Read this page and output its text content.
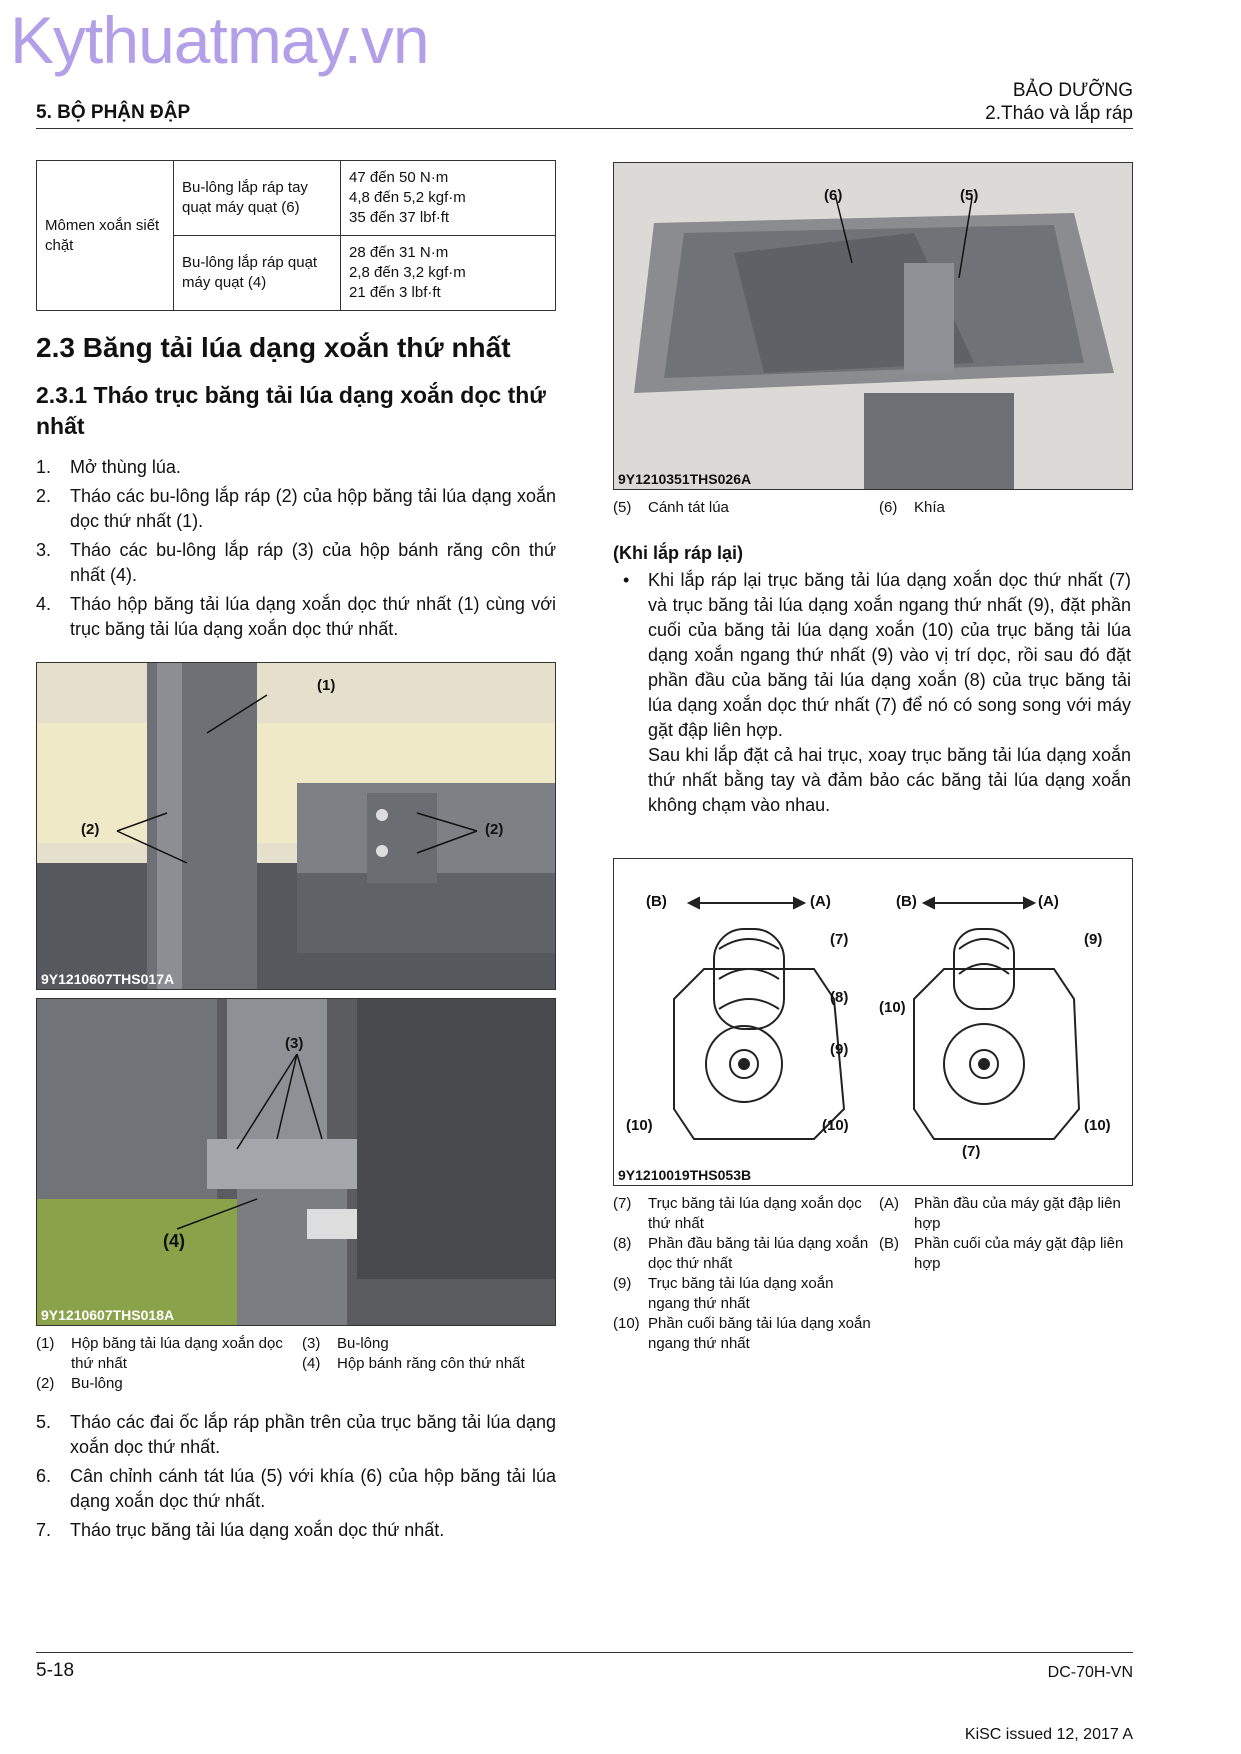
Kythuatmay.vn
5. BỘ PHẬN ĐẬP
BẢO DƯỠNG
2.Tháo và lắp ráp
Mômen xoắn siết chặt	Bu-lông lắp ráp tay quạt máy quạt (6)	47 đến 50 N·m
4,8 đến 5,2 kgf·m
35 đến 37 lbf·ft

	Bu-lông lắp ráp quạt máy quạt (4)	28 đến 31 N·m
2,8 đến 3,2 kgf·m
21 đến 3 lbf·ft
2.3 Băng tải lúa dạng xoắn thứ nhất
2.3.1 Tháo trục băng tải lúa dạng xoắn dọc thứ nhất
1. Mở thùng lúa.
2. Tháo các bu-lông lắp ráp (2) của hộp băng tải lúa dạng xoắn dọc thứ nhất (1).
3. Tháo các bu-lông lắp ráp (3) của hộp bánh răng côn thứ nhất (4).
4. Tháo hộp băng tải lúa dạng xoắn dọc thứ nhất (1) cùng với trục băng tải lúa dạng xoắn dọc thứ nhất.
(1)
(2)	(2)
9Y1210607THS017A
(3)
(4)
9Y1210607THS018A
(1) Hộp băng tải lúa dạng xoắn dọc thứ nhất
(2) Bu-lông
(3) Bu-lông
(4) Hộp bánh răng côn thứ nhất
5. Tháo các đai ốc lắp ráp phần trên của trục băng tải lúa dạng xoắn dọc thứ nhất.
6. Cân chỉnh cánh tát lúa (5) với khía (6) của hộp băng tải lúa dạng xoắn dọc thứ nhất.
7. Tháo trục băng tải lúa dạng xoắn dọc thứ nhất.
(6)	(5)
9Y1210351THS026A
(5) Cánh tát lúa	(6) Khía
(Khi lắp ráp lại)
• Khi lắp ráp lại trục băng tải lúa dạng xoắn dọc thứ nhất (7) và trục băng tải lúa dạng xoắn ngang thứ nhất (9), đặt phần cuối của băng tải lúa dạng xoắn (10) của trục băng tải lúa dạng xoắn ngang thứ nhất (9) vào vị trí dọc, rồi sau đó đặt phần đầu của băng tải lúa dạng xoắn (8) của trục băng tải lúa dạng xoắn dọc thứ nhất (7) để nó có song song với máy gặt đập liên hợp.
Sau khi lắp đặt cả hai trục, xoay trục băng tải lúa dạng xoắn thứ nhất bằng tay và đảm bảo các băng tải lúa dạng xoắn không chạm vào nhau.
(B)	(A)
(7)
(8)
(9)
(10)	(10)
(B)	(A)
(9)
(10)
(10)
(7)
9Y1210019THS053B
(7) Trục băng tải lúa dạng xoắn dọc thứ nhất
(8) Phần đầu băng tải lúa dạng xoắn dọc thứ nhất
(9) Trục băng tải lúa dạng xoắn ngang thứ nhất
(10) Phần cuối băng tải lúa dạng xoắn ngang thứ nhất
(A) Phần đầu của máy gặt đập liên hợp
(B) Phần cuối của máy gặt đập liên hợp
5-18	DC-70H-VN
KiSC issued 12, 2017 A
